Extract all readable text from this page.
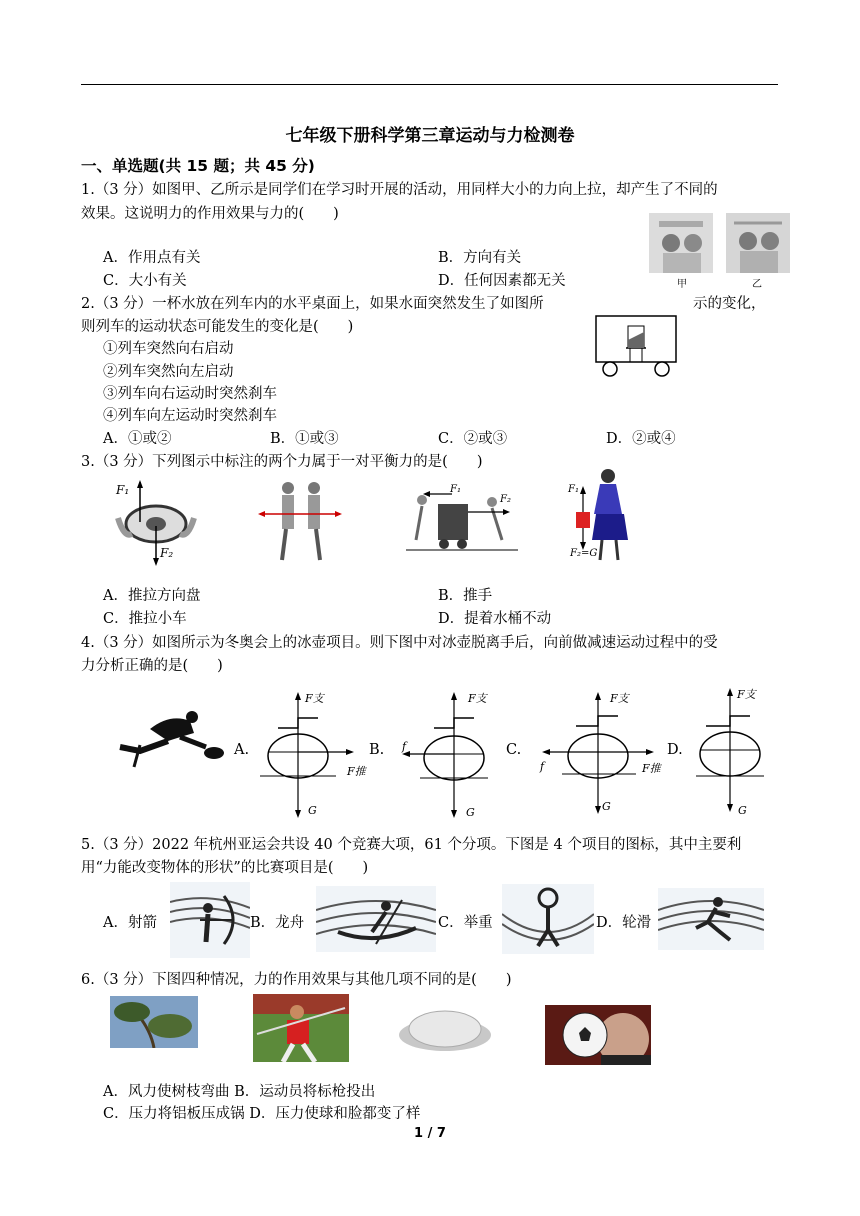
七年级下册科学第三章运动与力检测卷
一、单选题(共 15 题；共 45 分)
1.（3 分）如图甲、乙所示是同学们在学习时开展的活动，用同样大小的力向上拉，却产生了不同的
效果。这说明力的作用效果与力的(　　)
A．作用点有关	B．方向有关
C．大小有关	D．任何因素都无关	甲	乙
2.（3 分）一杯水放在列车内的水平桌面上，如果水面突然发生了如图所	示的变化，
则列车的运动状态可能发生的变化是(　　)
①列车突然向右启动
②列车突然向左启动
③列车向右运动时突然刹车
④列车向左运动时突然刹车
A．①或②	B．①或③	C．②或③	D．②或④
3.（3 分）下列图示中标注的两个力属于一对平衡力的是(　　)
F₁
F₂
F₁
F₂
F₁
F₂=G
A．推拉方向盘	B．推手
C．推拉小车	D．提着水桶不动
4.（3 分）如图所示为冬奥会上的冰壶项目。则下图中对冰壶脱离手后，向前做减速运动过程中的受
力分析正确的是(　　)
A.	B.	C.	D.
F支
F推
G
F支
f
G
F支
f	F推
G
F支
G
5.（3 分）2022 年杭州亚运会共设 40 个竞赛大项，61 个分项。下图是 4 个项目的图标，其中主要利
用“力能改变物体的形状”的比赛项目是(　　)
A．射箭	B．龙舟	C．举重	D．轮滑
6.（3 分）下图四种情况，力的作用效果与其他几项不同的是(　　)
A．风力使树枝弯曲 B．运动员将标枪投出
C．压力将铝板压成锅 D．压力使球和脸都变了样
1 / 7
